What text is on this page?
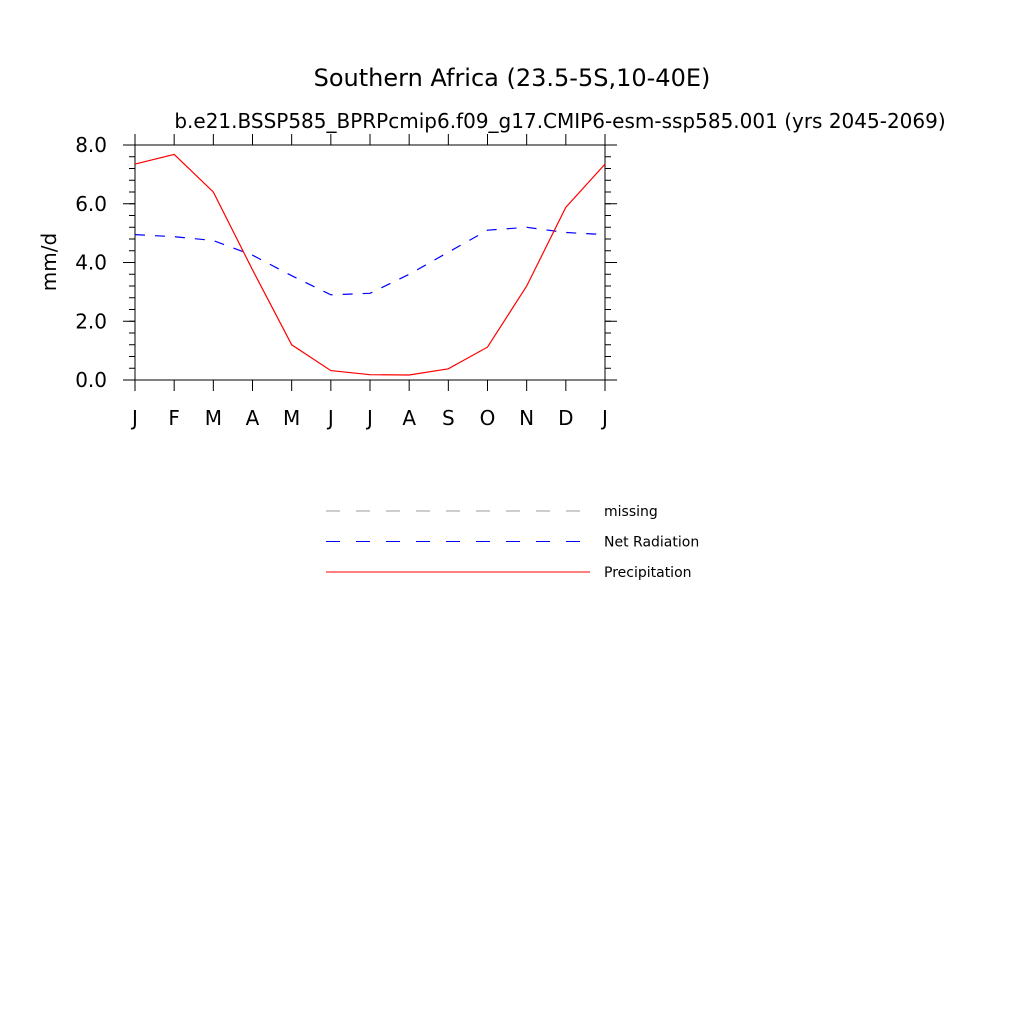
Southern Africa (23.5-5S,10-40E)
b.e21.BSSP585_BPRPcmip6.f09_g17.CMIP6-esm-ssp585.001 (yrs 2045-2069)
mm/d
J F M A M J J A S O N D J
0.0
2.0
4.0
6.0
8.0
missing
Net Radiation
Precipitation
